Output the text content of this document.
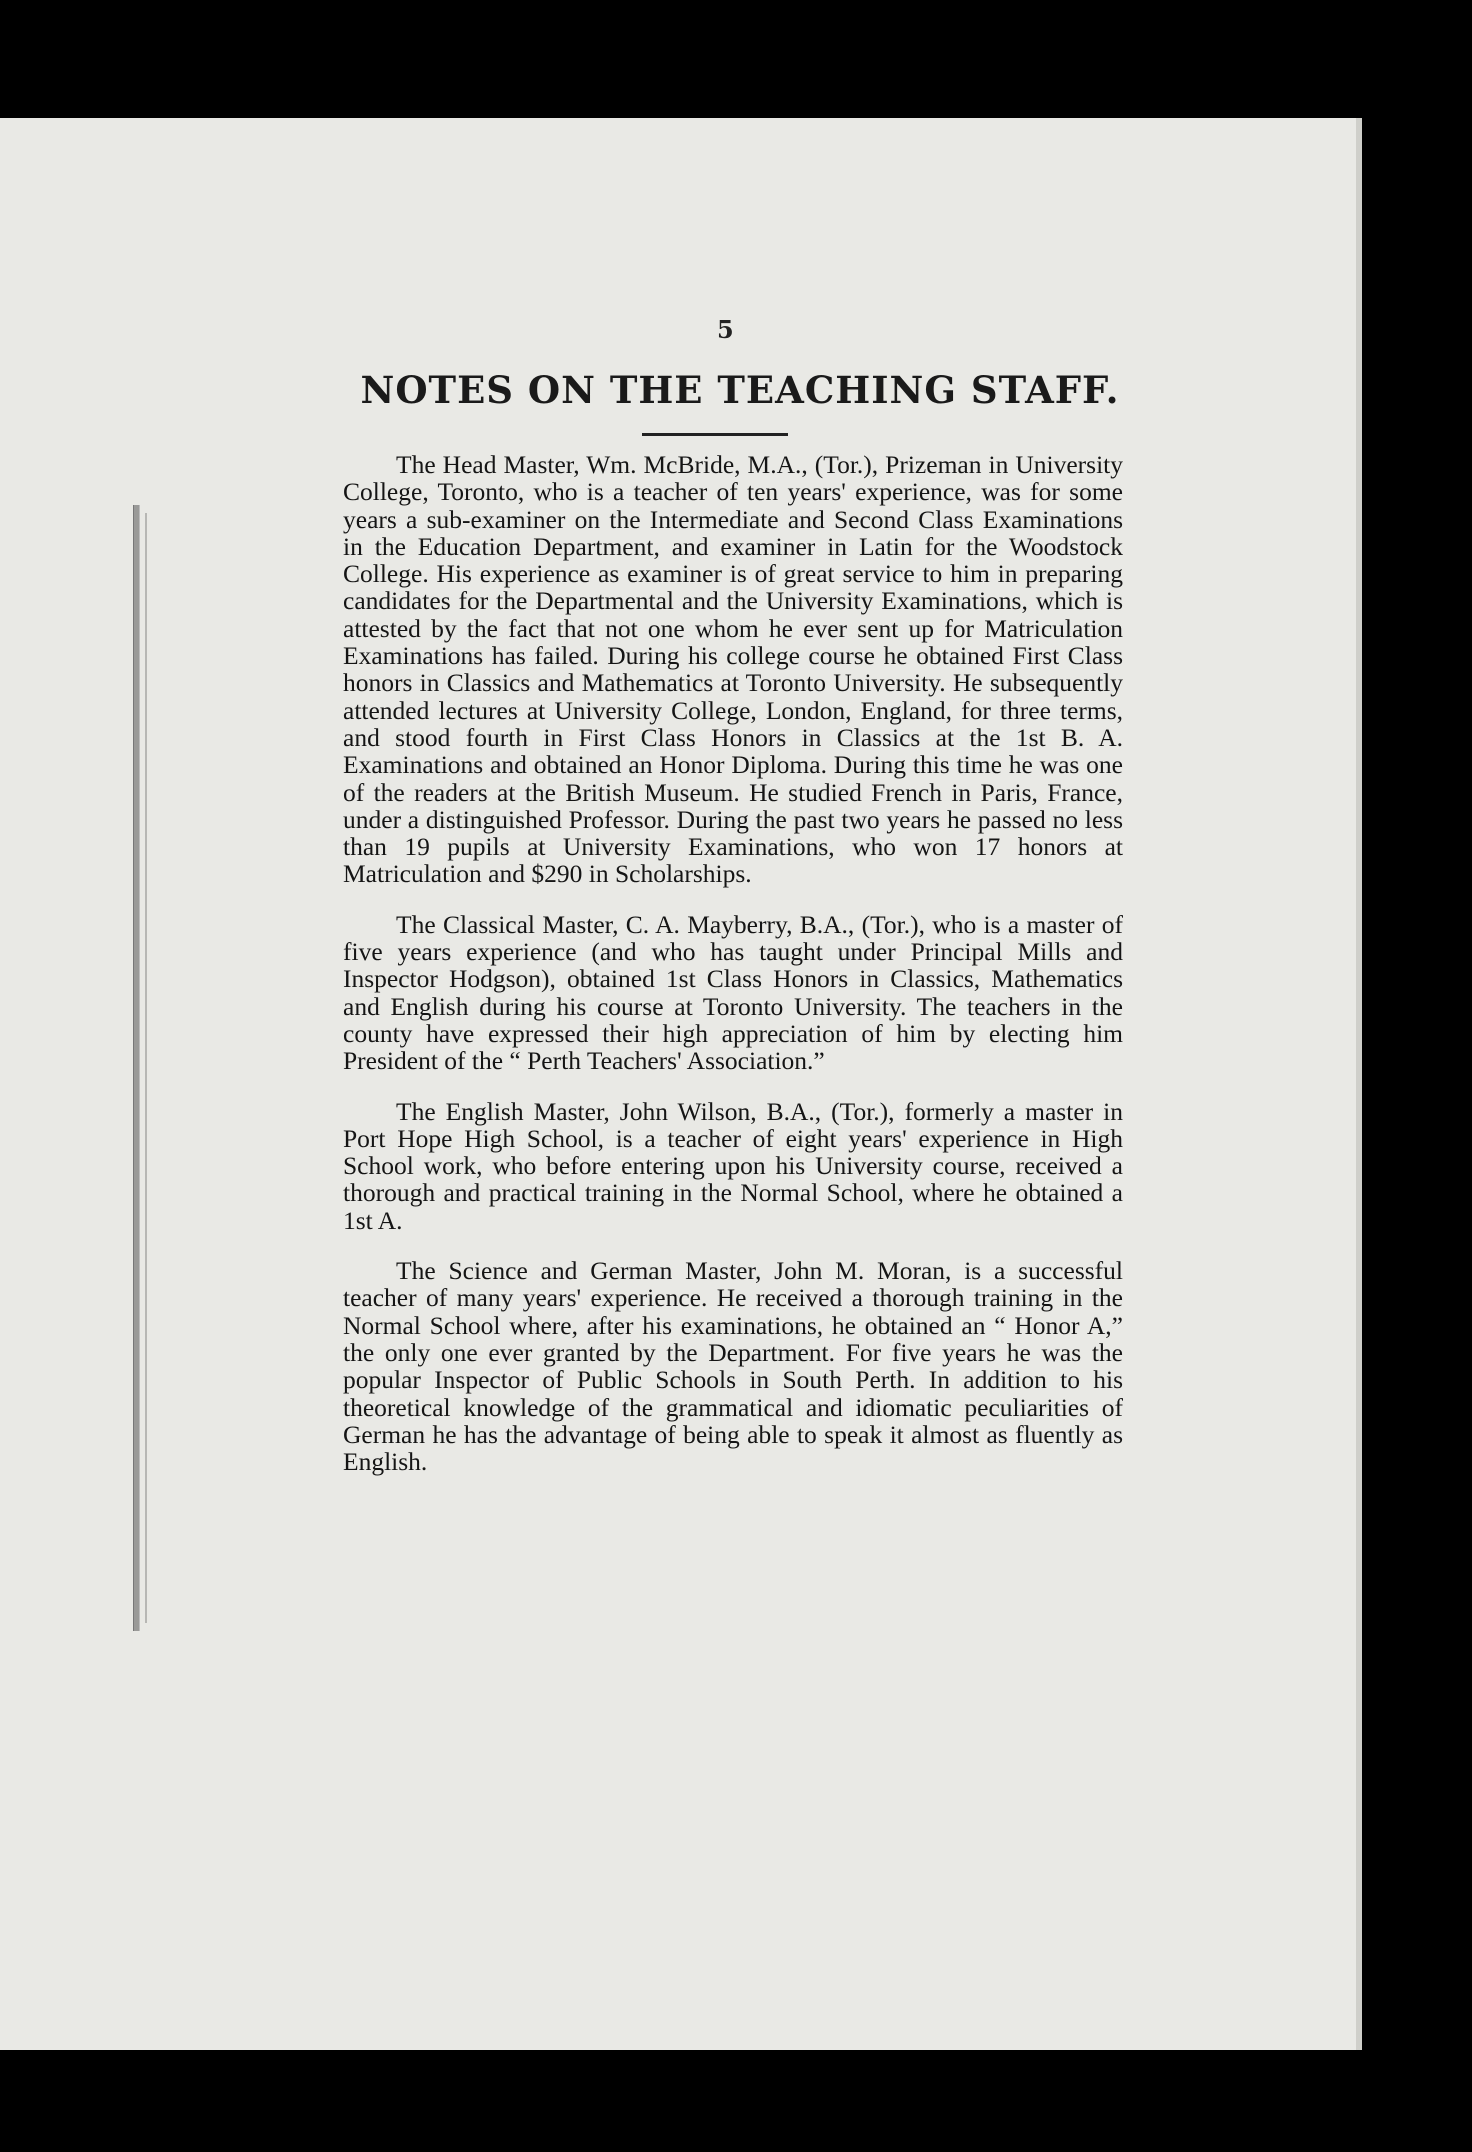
5
NOTES ON THE TEACHING STAFF.

The Head Master, Wm. McBride, M.A., (Tor.), Prizeman in University College, Toronto, who is a teacher of ten years' experience, was for some years a sub-examiner on the Intermediate and Second Class Examinations in the Education Department, and examiner in Latin for the Woodstock College. His experience as examiner is of great service to him in preparing candidates for the Departmental and the University Examinations, which is attested by the fact that not one whom he ever sent up for Matriculation Examinations has failed. During his college course he obtained First Class honors in Classics and Mathematics at Toronto University. He subsequently attended lectures at University College, London, England, for three terms, and stood fourth in First Class Honors in Classics at the 1st B. A. Examinations and obtained an Honor Diploma. During this time he was one of the readers at the British Museum. He studied French in Paris, France, under a distinguished Professor. During the past two years he passed no less than 19 pupils at University Examinations, who won 17 honors at Matriculation and $290 in Scholarships.

The Classical Master, C. A. Mayberry, B.A., (Tor.), who is a master of five years experience (and who has taught under Principal Mills and Inspector Hodgson), obtained 1st Class Honors in Classics, Mathematics and English during his course at Toronto University. The teachers in the county have expressed their high appreciation of him by electing him President of the “ Perth Teachers' Association.”

The English Master, John Wilson, B.A., (Tor.), formerly a master in Port Hope High School, is a teacher of eight years' experience in High School work, who before entering upon his University course, received a thorough and practical training in the Normal School, where he obtained a 1st A.

The Science and German Master, John M. Moran, is a successful teacher of many years' experience. He received a thorough training in the Normal School where, after his examinations, he obtained an “ Honor A,” the only one ever granted by the Department. For five years he was the popular Inspector of Public Schools in South Perth. In addition to his theoretical knowledge of the grammatical and idiomatic peculiarities of German he has the advantage of being able to speak it almost as fluently as English.
